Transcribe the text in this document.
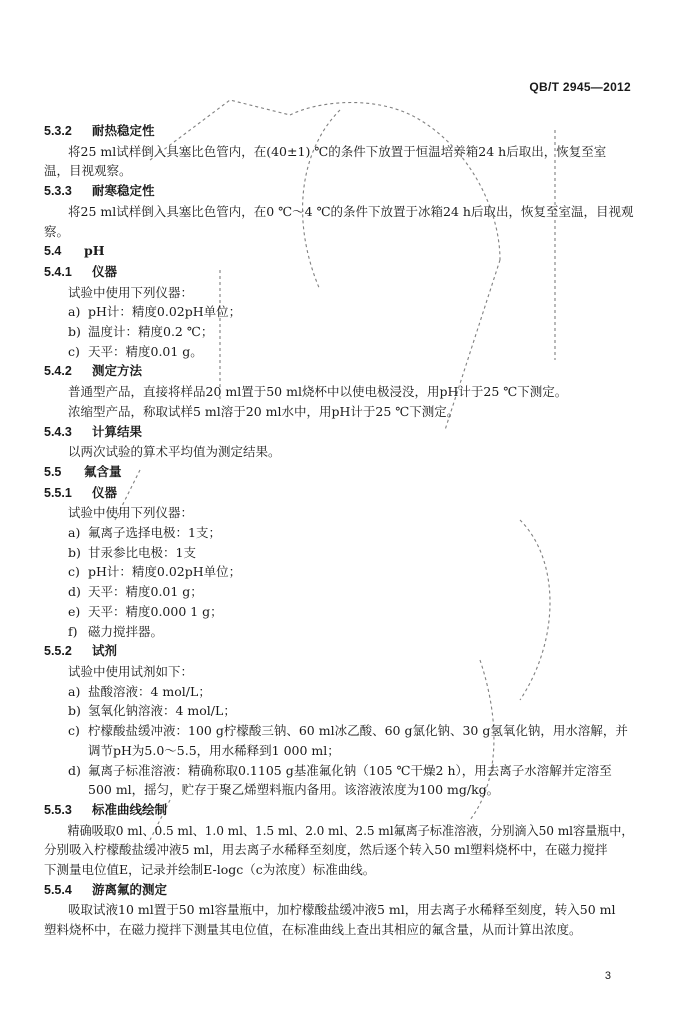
QB/T 2945—2012
5.3.2 耐热稳定性
将25 ml试样倒入具塞比色管内，在(40±1) ℃的条件下放置于恒温培养箱24 h后取出，恢复至室
温，目视观察。
5.3.3 耐寒稳定性
将25 ml试样倒入具塞比色管内，在0 ℃～4 ℃的条件下放置于冰箱24 h后取出，恢复至室温，目视观
察。
5.4 pH
5.4.1 仪器
试验中使用下列仪器：
a) pH计：精度0.02pH单位；
b) 温度计：精度0.2 ℃；
c) 天平：精度0.01 g。
5.4.2 测定方法
普通型产品，直接将样品20 ml置于50 ml烧杯中以使电极浸没，用pH计于25 ℃下测定。
浓缩型产品，称取试样5 ml溶于20 ml水中，用pH计于25 ℃下测定。
5.4.3 计算结果
以两次试验的算术平均值为测定结果。
5.5 氟含量
5.5.1 仪器
试验中使用下列仪器：
a) 氟离子选择电极：1支；
b) 甘汞参比电极：1支
c) pH计：精度0.02pH单位；
d) 天平：精度0.01 g；
e) 天平：精度0.000 1 g；
f) 磁力搅拌器。
5.5.2 试剂
试验中使用试剂如下：
a) 盐酸溶液：4 mol/L；
b) 氢氧化钠溶液：4 mol/L；
c) 柠檬酸盐缓冲液：100 g柠檬酸三钠、60 ml冰乙酸、60 g氯化钠、30 g氢氧化钠，用水溶解，并
调节pH为5.0～5.5，用水稀释到1 000 ml；
d) 氟离子标准溶液：精确称取0.1105 g基准氟化钠（105 ℃干燥2 h），用去离子水溶解并定溶至
500 ml，摇匀，贮存于聚乙烯塑料瓶内备用。该溶液浓度为100 mg/kg。
5.5.3 标准曲线绘制
精确吸取0 ml、0.5 ml、1.0 ml、1.5 ml、2.0 ml、2.5 ml氟离子标准溶液，分别滴入50 ml容量瓶中，
分别吸入柠檬酸盐缓冲液5 ml，用去离子水稀释至刻度，然后逐个转入50 ml塑料烧杯中，在磁力搅拌
下测量电位值E，记录并绘制E-logc（c为浓度）标准曲线。
5.5.4 游离氟的测定
吸取试液10 ml置于50 ml容量瓶中，加柠檬酸盐缓冲液5 ml，用去离子水稀释至刻度，转入50 ml
塑料烧杯中，在磁力搅拌下测量其电位值，在标准曲线上查出其相应的氟含量，从而计算出浓度。
3
